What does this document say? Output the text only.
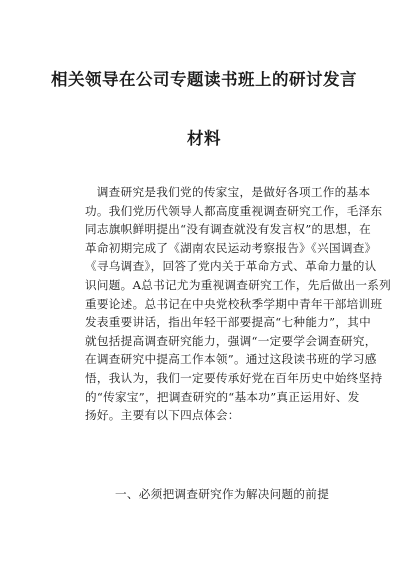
相关领导在公司专题读书班上的研讨发言
材料

　　调查研究是我们党的传家宝，是做好各项工作的基本
功。我们党历代领导人都高度重视调查研究工作，毛泽东
同志旗帜鲜明提出“没有调查就没有发言权”的思想，在
革命初期完成了《湖南农民运动考察报告》《兴国调查》
《寻乌调查》，回答了党内关于革命方式、革命力量的认
识问题。A总书记尤为重视调查研究工作，先后做出一系列
重要论述。总书记在中央党校秋季学期中青年干部培训班
发表重要讲话，指出年轻干部要提高“七种能力”，其中
就包括提高调查研究能力，强调“一定要学会调查研究，
在调查研究中提高工作本领”。通过这段读书班的学习感
悟，我认为，我们一定要传承好党在百年历史中始终坚持
的“传家宝”，把调查研究的“基本功”真正运用好、发
扬好。主要有以下四点体会：

一、必须把调查研究作为解决问题的前提
